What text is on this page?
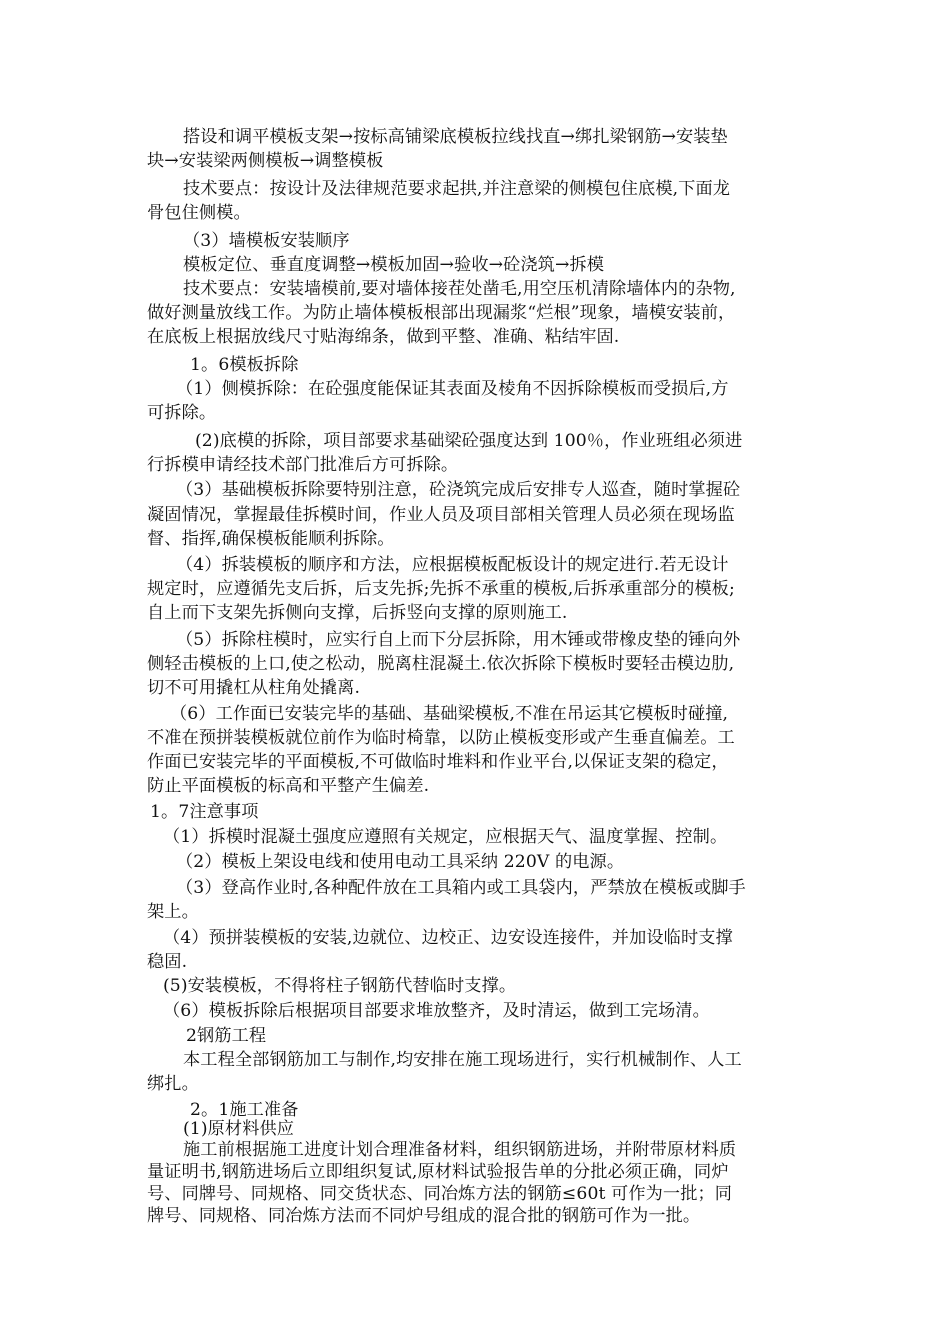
搭设和调平模板支架→按标高铺梁底模板拉线找直→绑扎梁钢筋→安装垫
块→安装梁两侧模板→调整模板
技术要点：按设计及法律规范要求起拱,并注意梁的侧模包住底模,下面龙
骨包住侧模。
（3）墙模板安装顺序
模板定位、垂直度调整→模板加固→验收→砼浇筑→拆模
技术要点：安装墙模前,要对墙体接茬处凿毛,用空压机清除墙体内的杂物,
做好测量放线工作。为防止墙体模板根部出现漏浆“烂根”现象，墙模安装前，
在底板上根据放线尺寸贴海绵条，做到平整、准确、粘结牢固.
1。6模板拆除
（1）侧模拆除：在砼强度能保证其表面及棱角不因拆除模板而受损后,方
可拆除。
(2)底模的拆除，项目部要求基础梁砼强度达到 100％，作业班组必须进
行拆模申请经技术部门批准后方可拆除。
（3）基础模板拆除要特别注意，砼浇筑完成后安排专人巡查，随时掌握砼
凝固情况，掌握最佳拆模时间，作业人员及项目部相关管理人员必须在现场监
督、指挥,确保模板能顺利拆除。
（4）拆装模板的顺序和方法，应根据模板配板设计的规定进行.若无设计
规定时，应遵循先支后拆，后支先拆;先拆不承重的模板,后拆承重部分的模板;
自上而下支架先拆侧向支撑，后拆竖向支撑的原则施工.
（5）拆除柱模时，应实行自上而下分层拆除，用木锤或带橡皮垫的锤向外
侧轻击模板的上口,使之松动，脱离柱混凝土.依次拆除下模板时要轻击模边肋,
切不可用撬杠从柱角处撬离.
（6）工作面已安装完毕的基础、基础梁模板,不准在吊运其它模板时碰撞,
不准在预拼装模板就位前作为临时椅靠，以防止模板变形或产生垂直偏差。工
作面已安装完毕的平面模板,不可做临时堆料和作业平台,以保证支架的稳定，
防止平面模板的标高和平整产生偏差.
1。7注意事项
（1）拆模时混凝土强度应遵照有关规定，应根据天气、温度掌握、控制。
（2）模板上架设电线和使用电动工具采纳 220V 的电源。
（3）登高作业时,各种配件放在工具箱内或工具袋内，严禁放在模板或脚手
架上。
（4）预拼装模板的安装,边就位、边校正、边安设连接件，并加设临时支撑
稳固.
(5)安装模板，不得将柱子钢筋代替临时支撑。
（6）模板拆除后根据项目部要求堆放整齐，及时清运，做到工完场清。
2钢筋工程
本工程全部钢筋加工与制作,均安排在施工现场进行，实行机械制作、人工
绑扎。
2。1施工准备
(1)原材料供应
施工前根据施工进度计划合理准备材料，组织钢筋进场，并附带原材料质
量证明书,钢筋进场后立即组织复试,原材料试验报告单的分批必须正确，同炉
号、同牌号、同规格、同交货状态、同冶炼方法的钢筋≤60t 可作为一批；同
牌号、同规格、同冶炼方法而不同炉号组成的混合批的钢筋可作为一批。
